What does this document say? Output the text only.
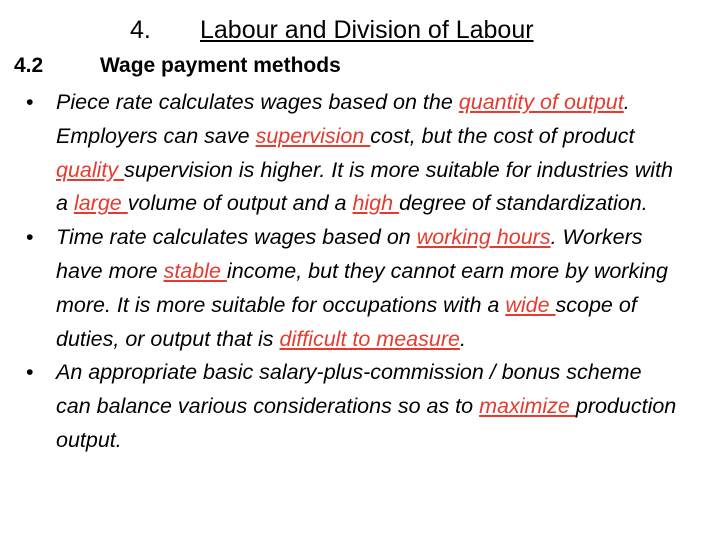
4. Labour and Division of Labour
4.2	Wage payment methods
• Piece rate calculates wages based on the quantity of output. Employers can save supervision cost, but the cost of product quality supervision is higher. It is more suitable for industries with a large volume of output and a high degree of standardization.
• Time rate calculates wages based on working hours. Workers have more stable income, but they cannot earn more by working more. It is more suitable for occupations with a wide scope of duties, or output that is difficult to measure.
• An appropriate basic salary-plus-commission / bonus scheme can balance various considerations so as to maximize production output.
